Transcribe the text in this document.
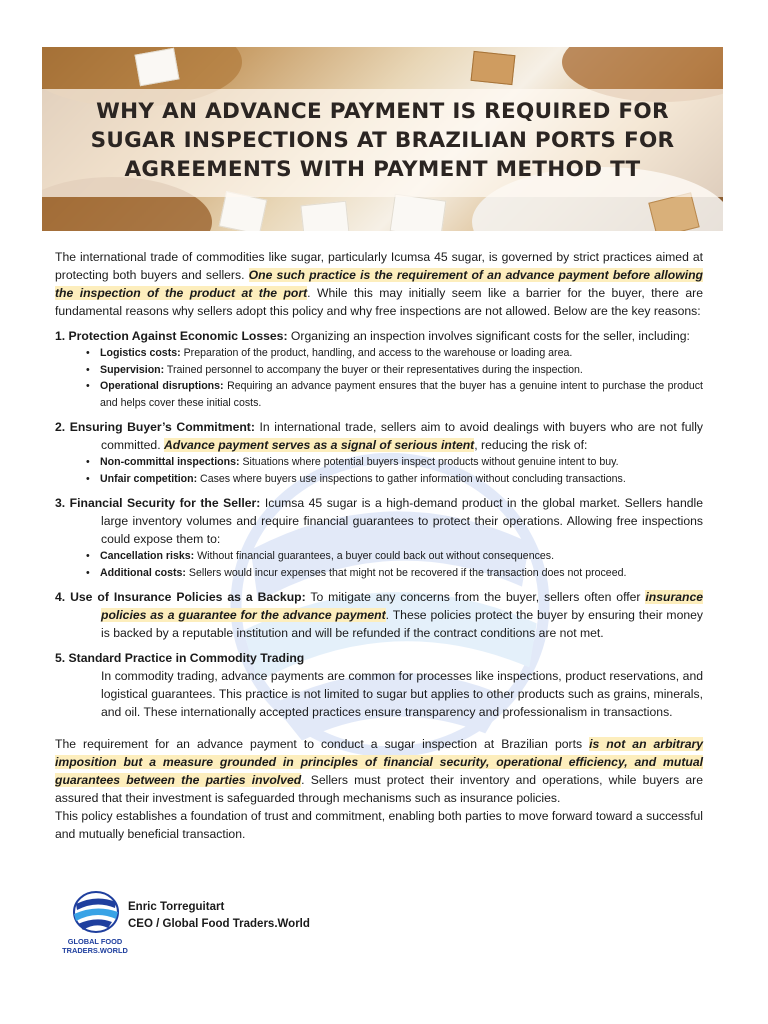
WHY AN ADVANCE PAYMENT IS REQUIRED FOR
SUGAR INSPECTIONS AT BRAZILIAN PORTS FOR
AGREEMENTS WITH PAYMENT METHOD TT

The international trade of commodities like sugar, particularly Icumsa 45 sugar, is governed by strict practices aimed at protecting both buyers and sellers. One such practice is the requirement of an advance payment before allowing the inspection of the product at the port. While this may initially seem like a barrier for the buyer, there are fundamental reasons why sellers adopt this policy and why free inspections are not allowed. Below are the key reasons:

1. Protection Against Economic Losses: Organizing an inspection involves significant costs for the seller, including:

• Logistics costs: Preparation of the product, handling, and access to the warehouse or loading area.
• Supervision: Trained personnel to accompany the buyer or their representatives during the inspection.
• Operational disruptions: Requiring an advance payment ensures that the buyer has a genuine intent to purchase the product and helps cover these initial costs.

2. Ensuring Buyer’s Commitment: In international trade, sellers aim to avoid dealings with buyers who are not fully committed. Advance payment serves as a signal of serious intent, reducing the risk of:

• Non-committal inspections: Situations where potential buyers inspect products without genuine intent to buy.
• Unfair competition: Cases where buyers use inspections to gather information without concluding transactions.

3. Financial Security for the Seller: Icumsa 45 sugar is a high-demand product in the global market. Sellers handle large inventory volumes and require financial guarantees to protect their operations. Allowing free inspections could expose them to:

• Cancellation risks: Without financial guarantees, a buyer could back out without consequences.
• Additional costs: Sellers would incur expenses that might not be recovered if the transaction does not proceed.

4. Use of Insurance Policies as a Backup: To mitigate any concerns from the buyer, sellers often offer insurance policies as a guarantee for the advance payment. These policies protect the buyer by ensuring their money is backed by a reputable institution and will be refunded if the contract conditions are not met.

5. Standard Practice in Commodity Trading

In commodity trading, advance payments are common for processes like inspections, product reservations, and logistical guarantees. This practice is not limited to sugar but applies to other products such as grains, minerals, and oil. These internationally accepted practices ensure transparency and professionalism in transactions.

The requirement for an advance payment to conduct a sugar inspection at Brazilian ports is not an arbitrary imposition but a measure grounded in principles of financial security, operational efficiency, and mutual guarantees between the parties involved. Sellers must protect their inventory and operations, while buyers are assured that their investment is safeguarded through mechanisms such as insurance policies.

This policy establishes a foundation of trust and commitment, enabling both parties to move forward toward a successful and mutually beneficial transaction.

GLOBAL FOOD
TRADERS.WORLD
Enric Torreguitart
CEO / Global Food Traders.World
